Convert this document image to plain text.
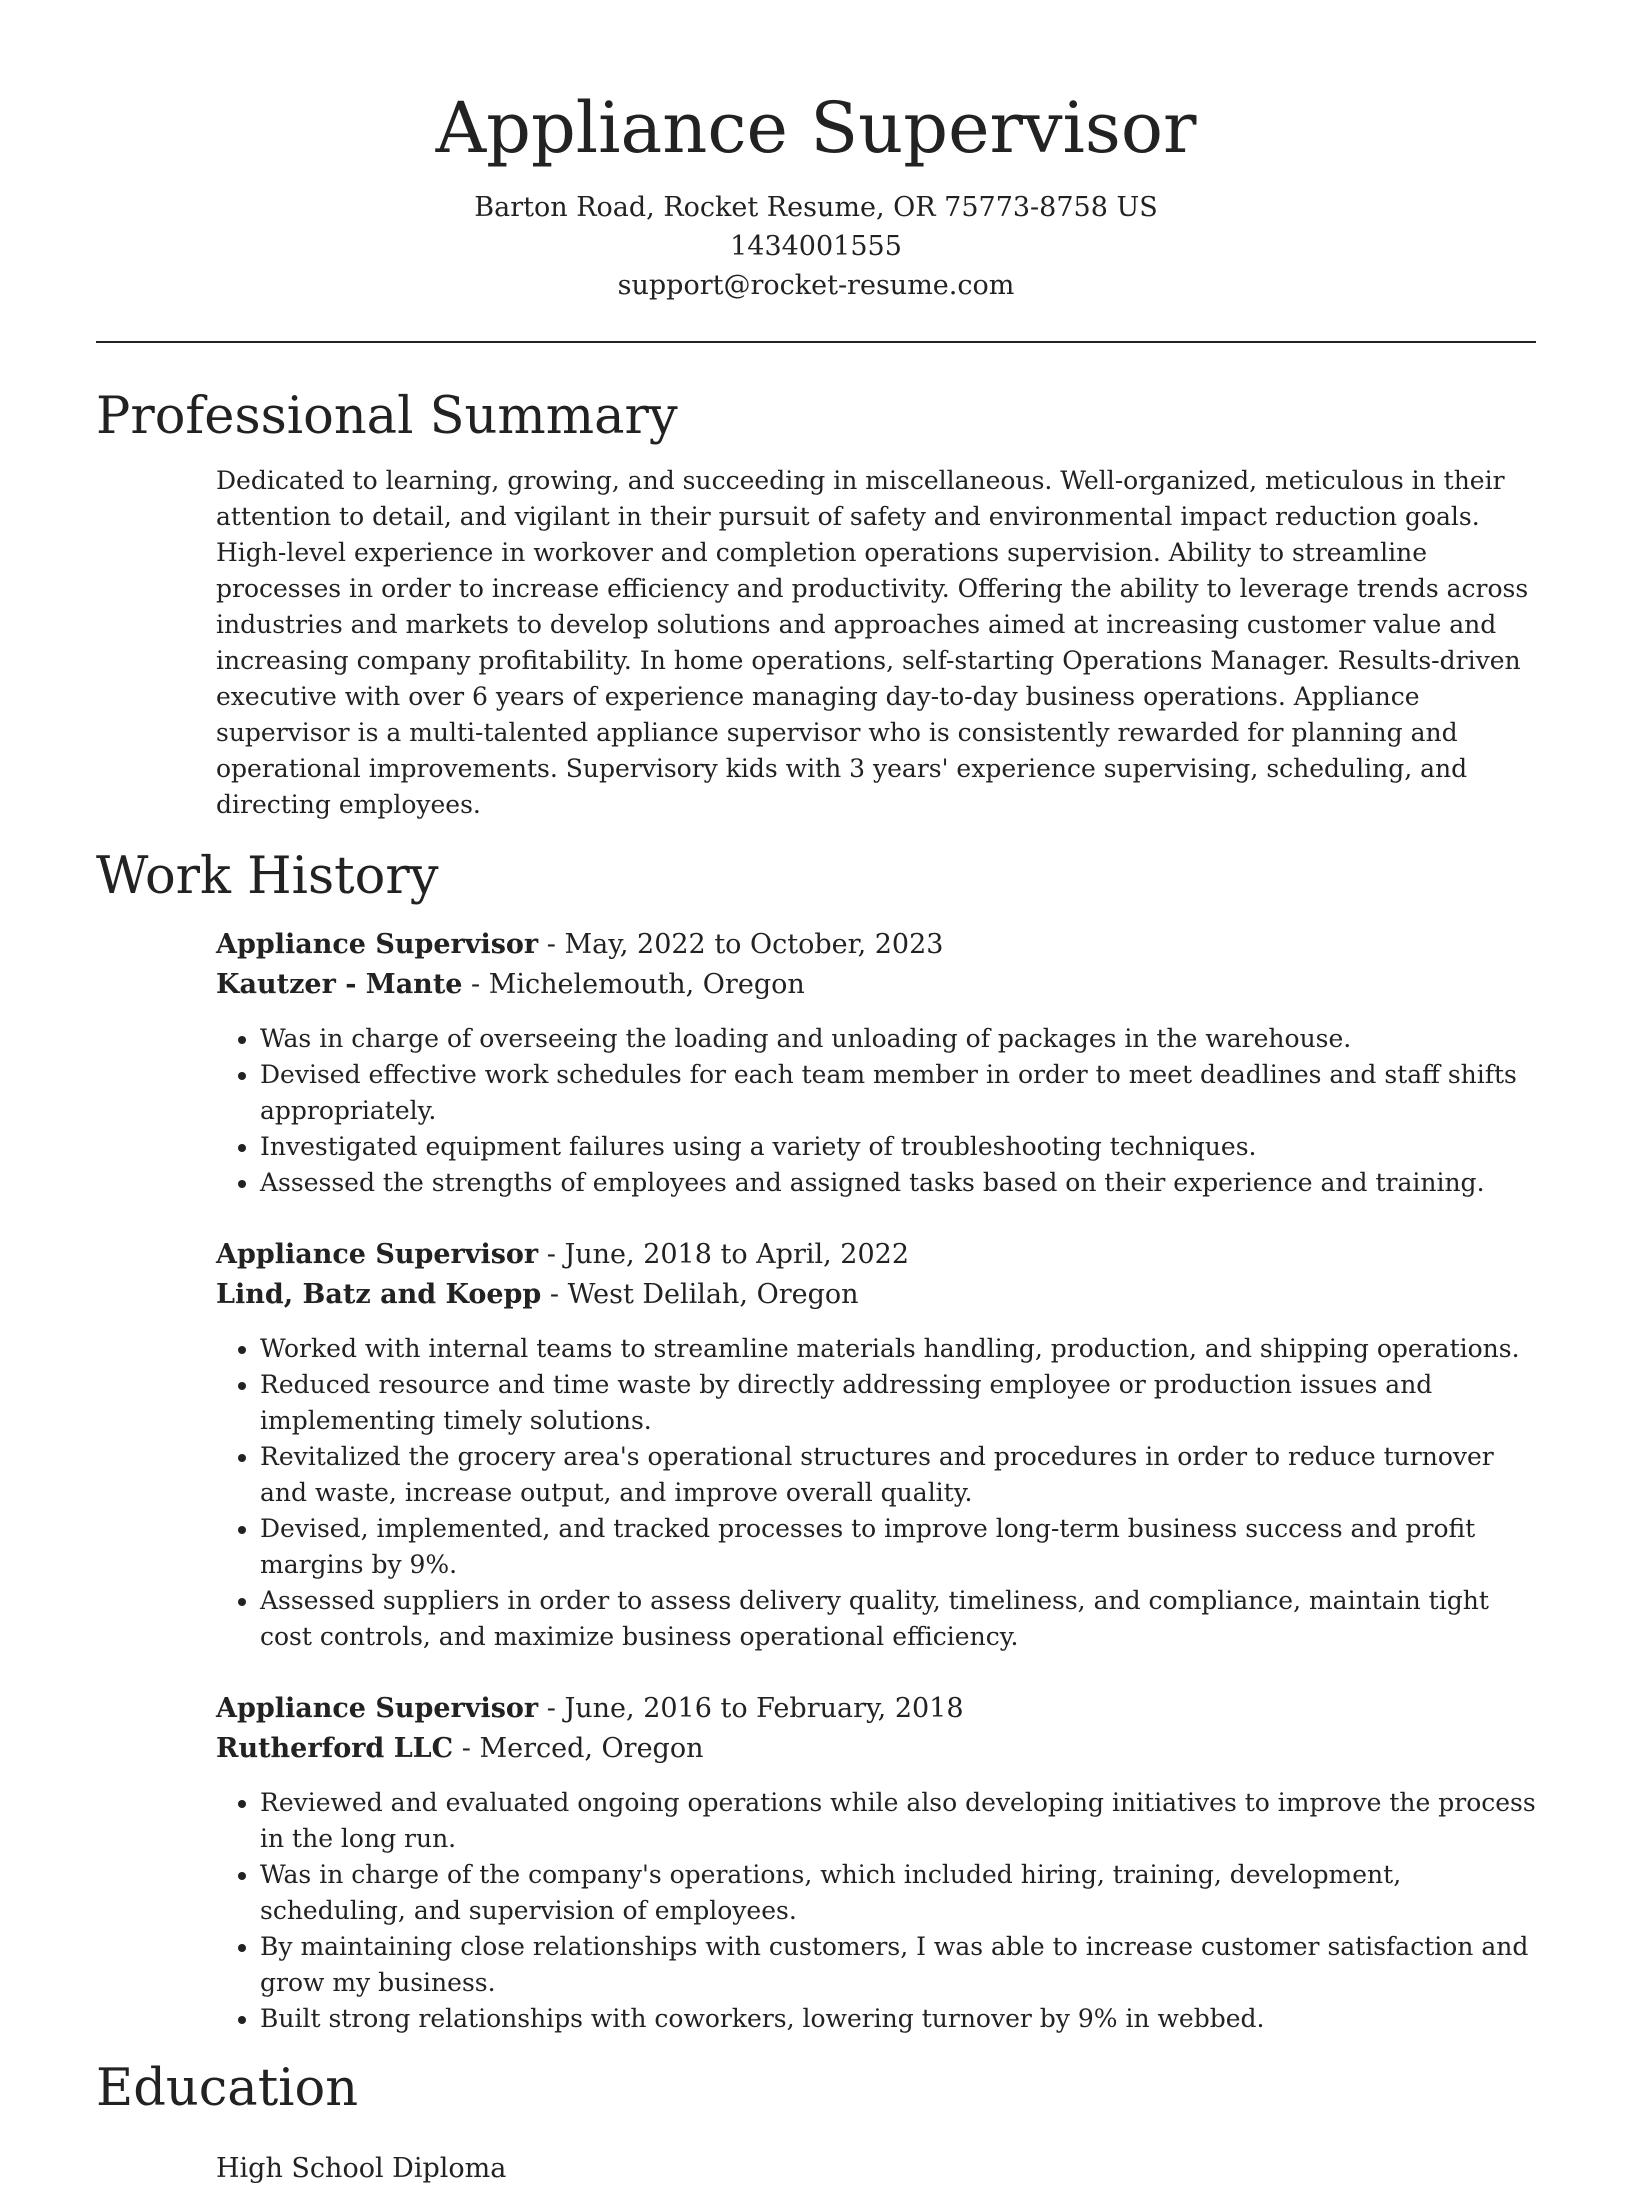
Appliance Supervisor
Barton Road, Rocket Resume, OR 75773-8758 US
1434001555
support@rocket-resume.com
Professional Summary
Dedicated to learning, growing, and succeeding in miscellaneous. Well-organized, meticulous in their attention to detail, and vigilant in their pursuit of safety and environmental impact reduction goals. High-level experience in workover and completion operations supervision. Ability to streamline processes in order to increase efficiency and productivity. Offering the ability to leverage trends across industries and markets to develop solutions and approaches aimed at increasing customer value and increasing company profitability. In home operations, self-starting Operations Manager. Results-driven executive with over 6 years of experience managing day-to-day business operations. Appliance supervisor is a multi-talented appliance supervisor who is consistently rewarded for planning and operational improvements. Supervisory kids with 3 years' experience supervising, scheduling, and directing employees.
Work History
Appliance Supervisor - May, 2022 to October, 2023
Kautzer - Mante - Michelemouth, Oregon
• Was in charge of overseeing the loading and unloading of packages in the warehouse.
• Devised effective work schedules for each team member in order to meet deadlines and staff shifts appropriately.
• Investigated equipment failures using a variety of troubleshooting techniques.
• Assessed the strengths of employees and assigned tasks based on their experience and training.
Appliance Supervisor - June, 2018 to April, 2022
Lind, Batz and Koepp - West Delilah, Oregon
• Worked with internal teams to streamline materials handling, production, and shipping operations.
• Reduced resource and time waste by directly addressing employee or production issues and implementing timely solutions.
• Revitalized the grocery area's operational structures and procedures in order to reduce turnover and waste, increase output, and improve overall quality.
• Devised, implemented, and tracked processes to improve long-term business success and profit margins by 9%.
• Assessed suppliers in order to assess delivery quality, timeliness, and compliance, maintain tight cost controls, and maximize business operational efficiency.
Appliance Supervisor - June, 2016 to February, 2018
Rutherford LLC - Merced, Oregon
• Reviewed and evaluated ongoing operations while also developing initiatives to improve the process in the long run.
• Was in charge of the company's operations, which included hiring, training, development, scheduling, and supervision of employees.
• By maintaining close relationships with customers, I was able to increase customer satisfaction and grow my business.
• Built strong relationships with coworkers, lowering turnover by 9% in webbed.
Education
High School Diploma
